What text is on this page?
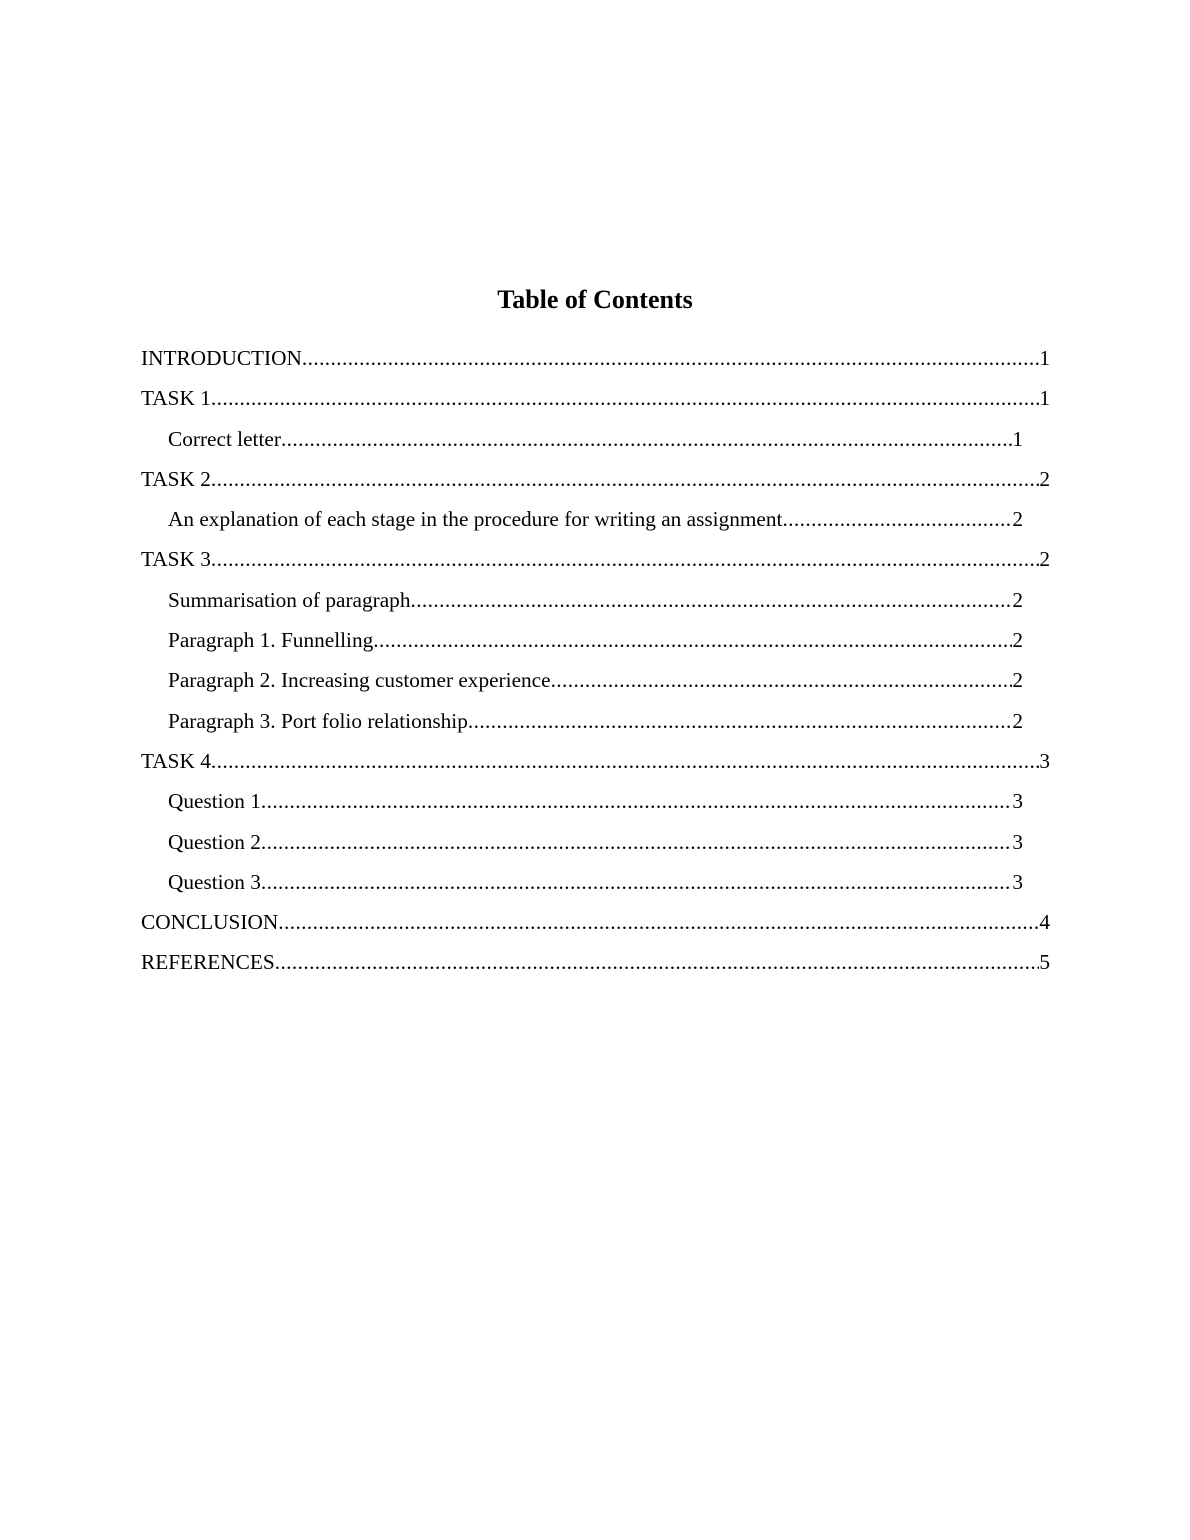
Table of Contents
INTRODUCTION .....	1
TASK 1 .....	1
Correct letter .....	1
TASK 2 .....	2
An explanation of each stage in the procedure for writing an assignment .....	2
TASK 3 .....	2
Summarisation of paragraph .....	2
Paragraph 1. Funnelling .....	2
Paragraph 2. Increasing customer experience .....	2
Paragraph 3. Port folio relationship .....	2
TASK 4 .....	3
Question 1 .....	3
Question 2 .....	3
Question 3 .....	3
CONCLUSION .....	4
REFERENCES .....	5
